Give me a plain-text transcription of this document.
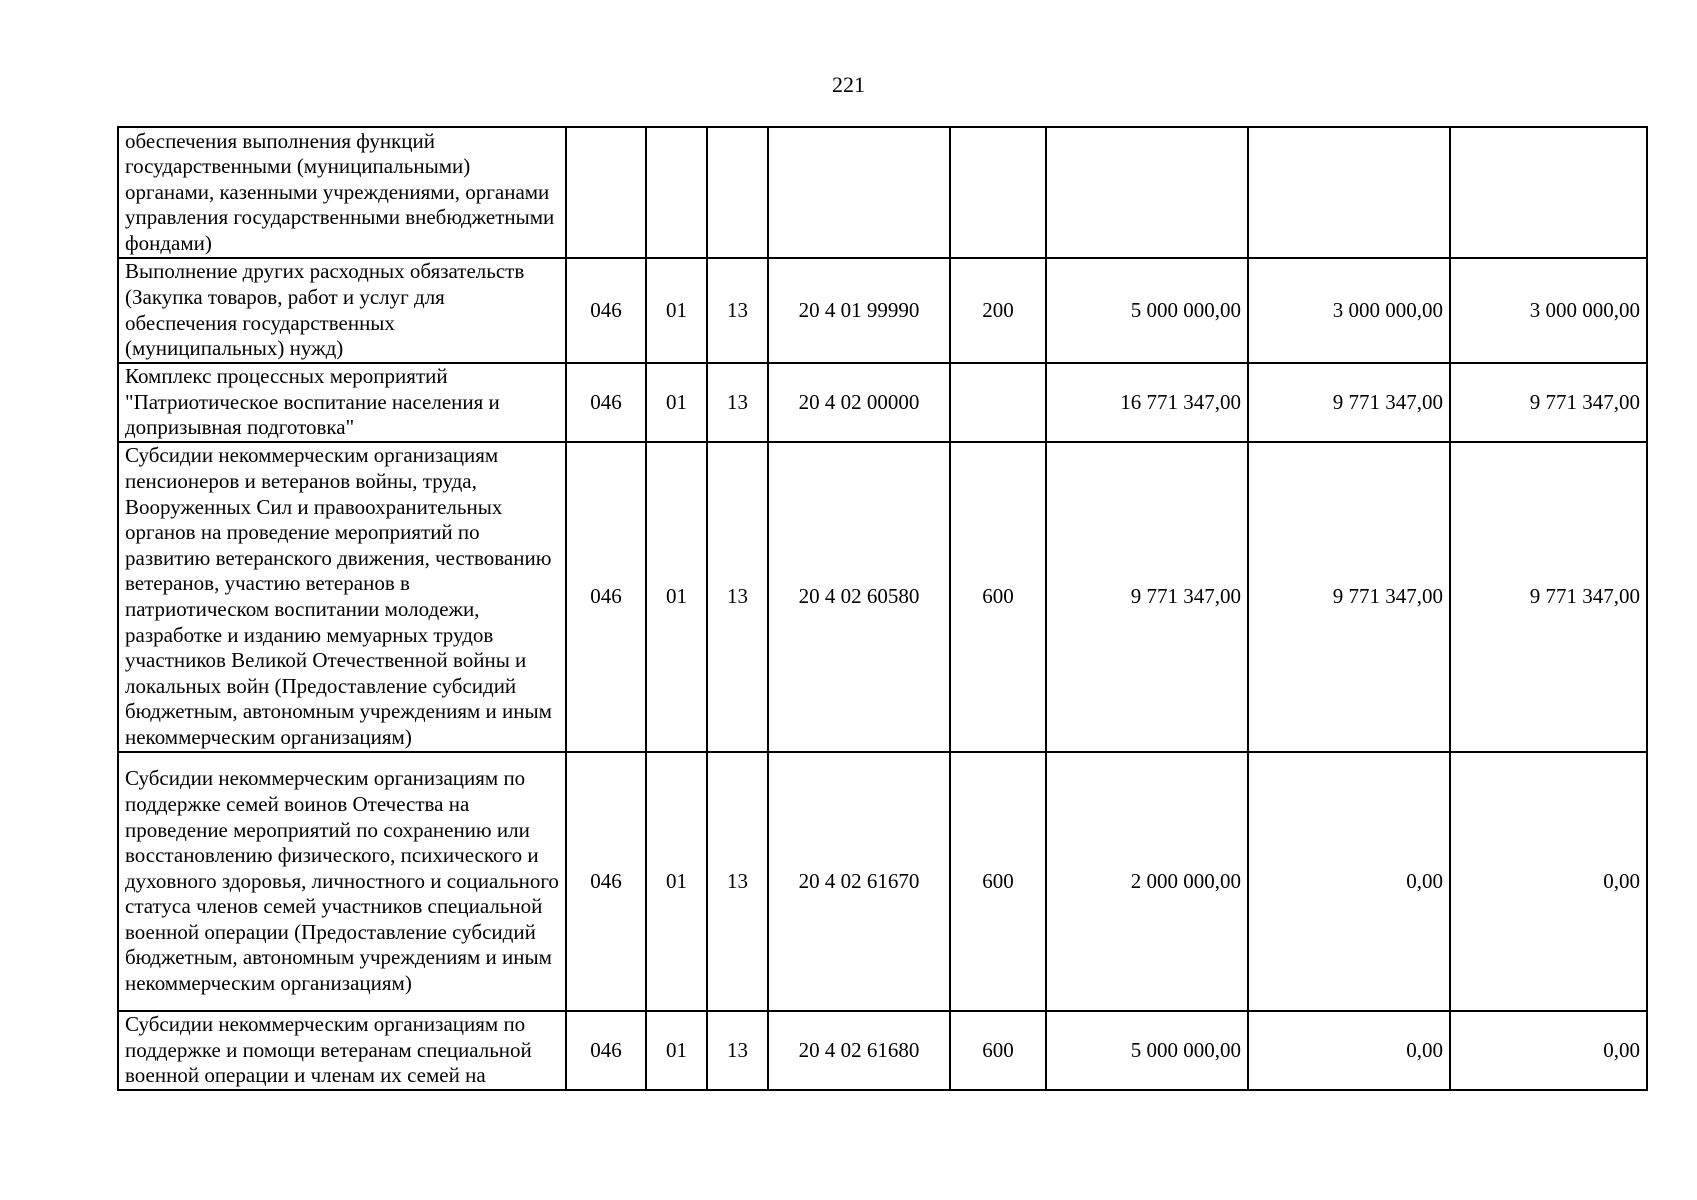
221
обеспечения выполнения функций государственными (муниципальными) органами, казенными учреждениями, органами управления государственными внебюджетными фондами)								
Выполнение других расходных обязательств (Закупка товаров, работ и услуг для обеспечения государственных (муниципальных) нужд)	046	01	13	20 4 01 99990	200	5 000 000,00	3 000 000,00	3 000 000,00
Комплекс процессных мероприятий "Патриотическое воспитание населения и допризывная подготовка"	046	01	13	20 4 02 00000		16 771 347,00	9 771 347,00	9 771 347,00
Субсидии некоммерческим организациям пенсионеров и ветеранов войны, труда, Вооруженных Сил и правоохранительных органов на проведение мероприятий по развитию ветеранского движения, чествованию ветеранов, участию ветеранов в патриотическом воспитании молодежи, разработке и изданию мемуарных трудов участников Великой Отечественной войны и локальных войн (Предоставление субсидий бюджетным, автономным учреждениям и иным некоммерческим организациям)	046	01	13	20 4 02 60580	600	9 771 347,00	9 771 347,00	9 771 347,00
Субсидии некоммерческим организациям по поддержке семей воинов Отечества на проведение мероприятий по сохранению или восстановлению физического, психического и духовного здоровья, личностного и социального статуса членов семей участников специальной военной операции (Предоставление субсидий бюджетным, автономным учреждениям и иным некоммерческим организациям)	046	01	13	20 4 02 61670	600	2 000 000,00	0,00	0,00
Субсидии некоммерческим организациям по поддержке и помощи ветеранам специальной военной операции и членам их семей на	046	01	13	20 4 02 61680	600	5 000 000,00	0,00	0,00
